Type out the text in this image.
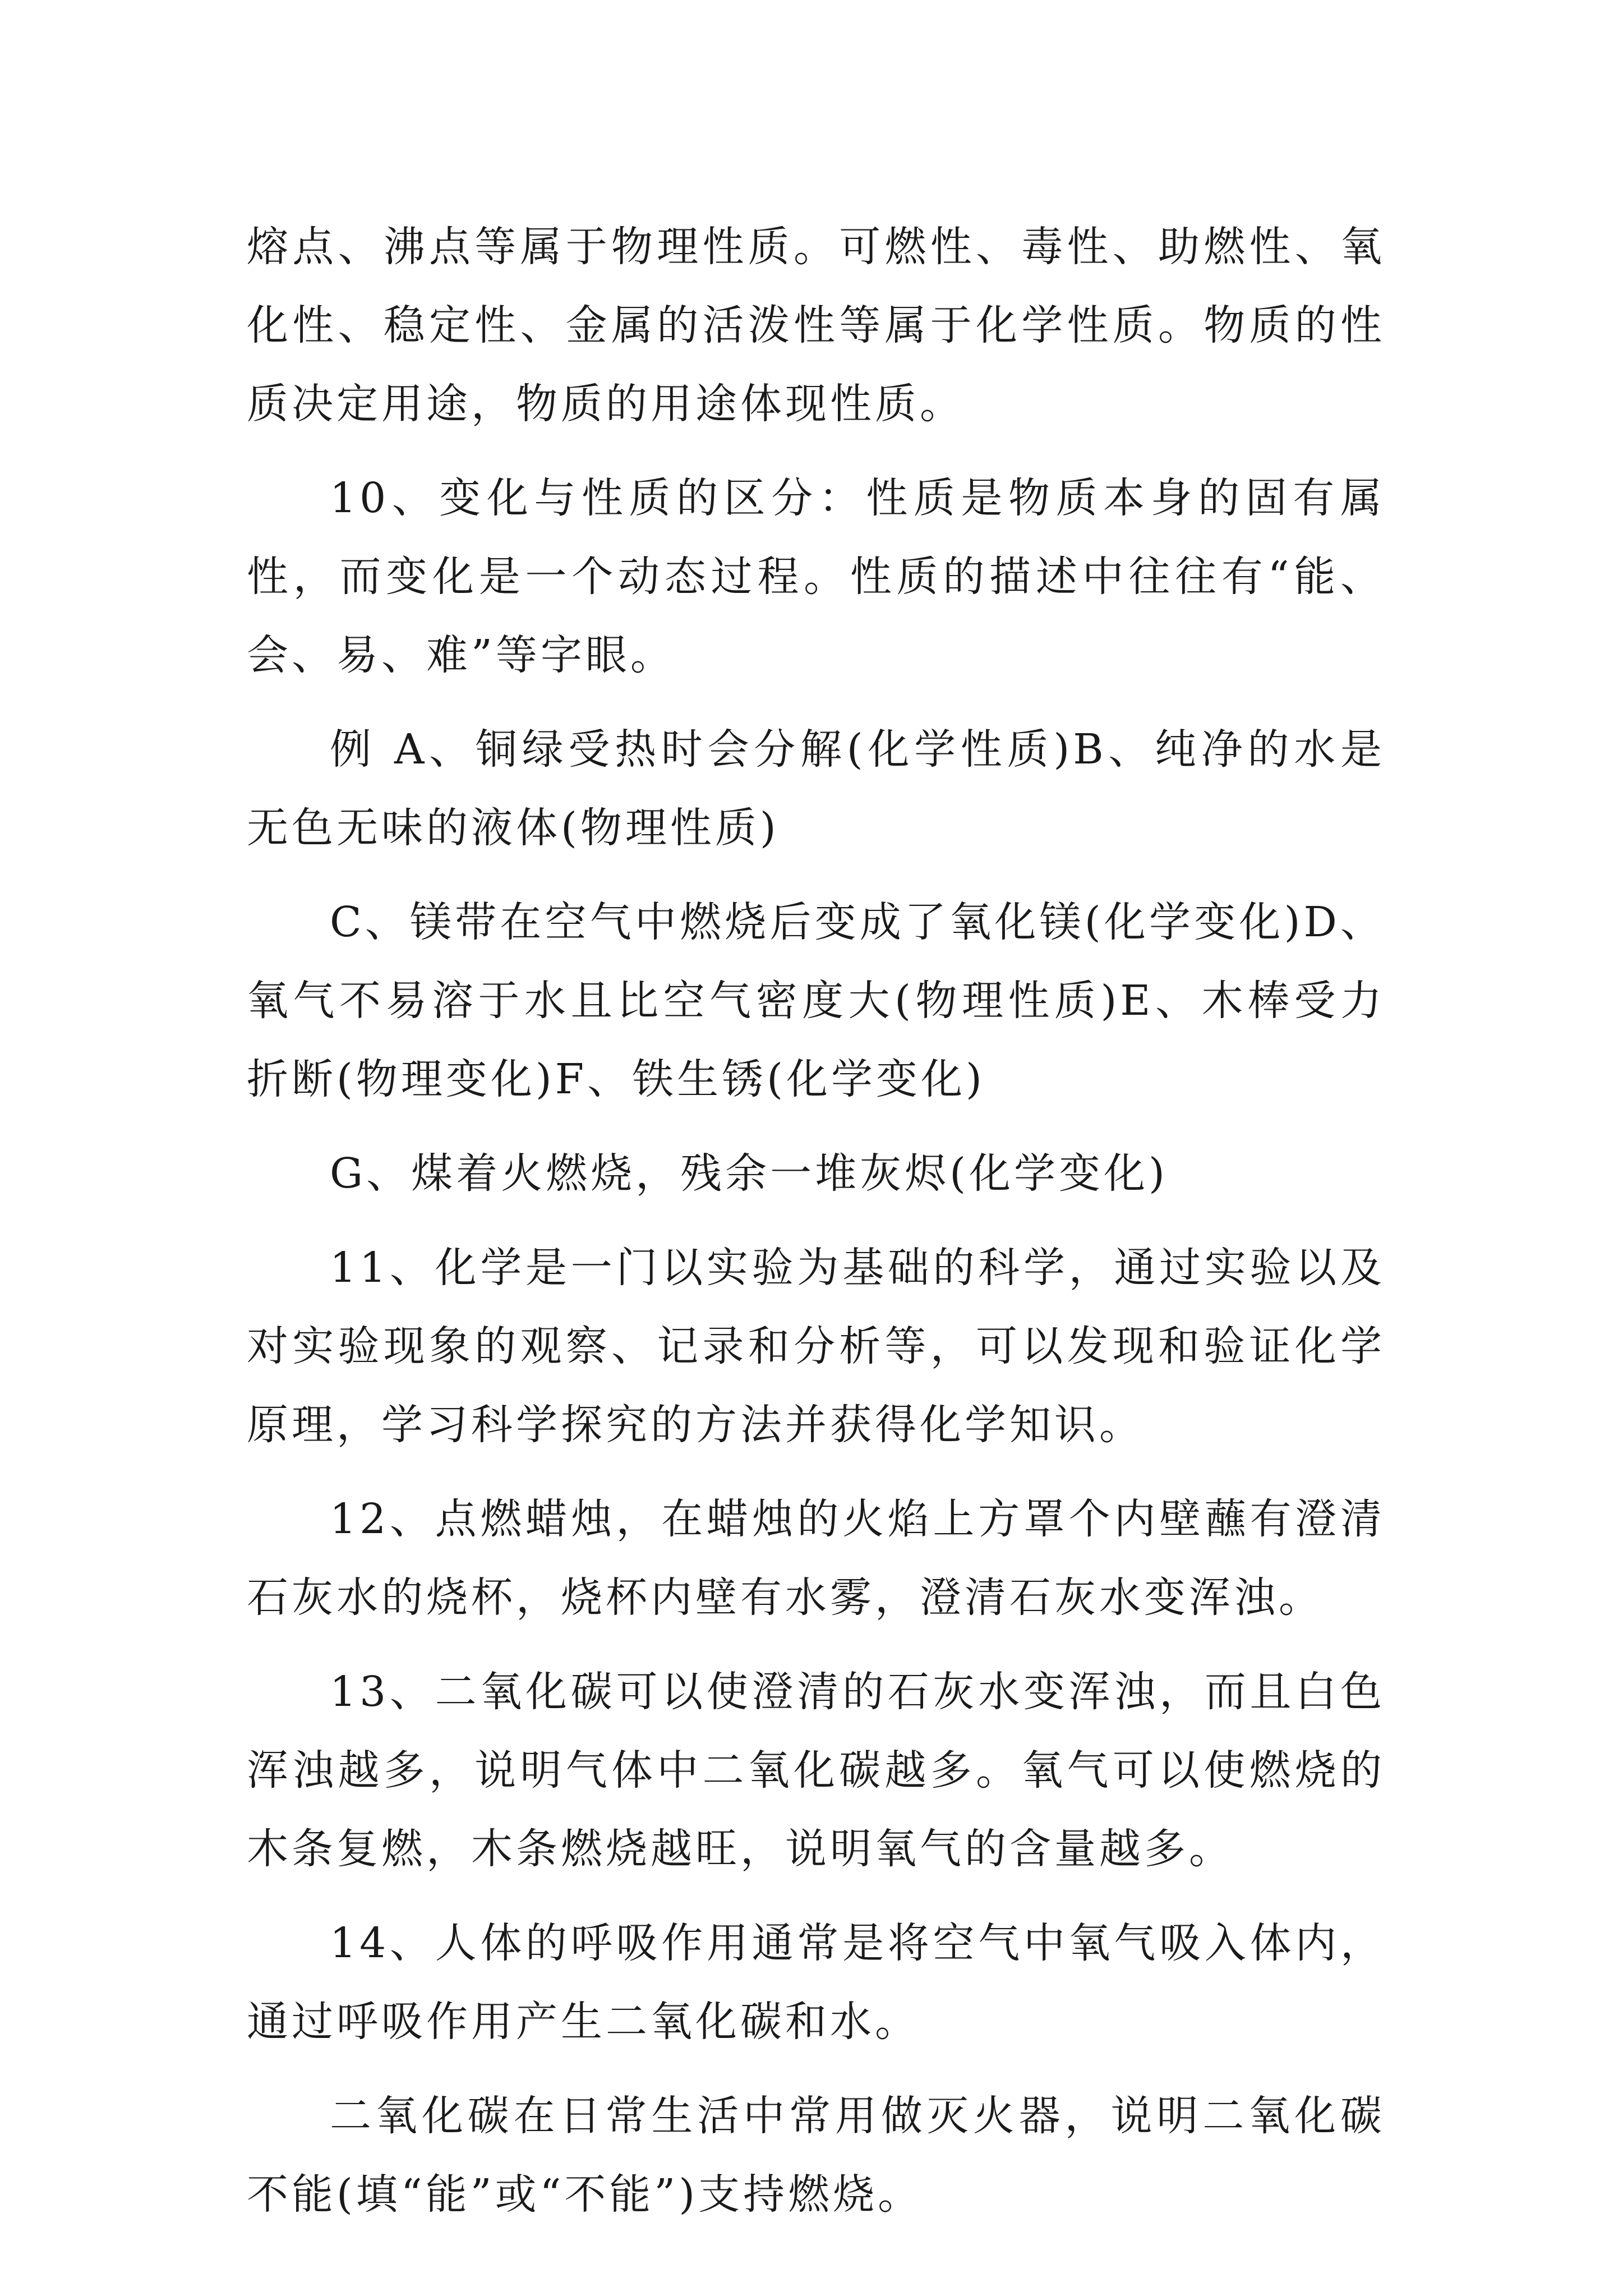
熔点、沸点等属于物理性质。可燃性、毒性、助燃性、氧化性、稳定性、金属的活泼性等属于化学性质。物质的性质决定用途，物质的用途体现性质。

10、变化与性质的区分：性质是物质本身的固有属性，而变化是一个动态过程。性质的描述中往往有“能、会、易、难”等字眼。

例 A、铜绿受热时会分解(化学性质)B、纯净的水是无色无味的液体(物理性质)

C、镁带在空气中燃烧后变成了氧化镁(化学变化)D、氧气不易溶于水且比空气密度大(物理性质)E、木棒受力折断(物理变化)F、铁生锈(化学变化)

G、煤着火燃烧，残余一堆灰烬(化学变化)

11、化学是一门以实验为基础的科学，通过实验以及对实验现象的观察、记录和分析等，可以发现和验证化学原理，学习科学探究的方法并获得化学知识。

12、点燃蜡烛，在蜡烛的火焰上方罩个内壁蘸有澄清石灰水的烧杯，烧杯内壁有水雾，澄清石灰水变浑浊。

13、二氧化碳可以使澄清的石灰水变浑浊，而且白色浑浊越多，说明气体中二氧化碳越多。氧气可以使燃烧的木条复燃，木条燃烧越旺，说明氧气的含量越多。

14、人体的呼吸作用通常是将空气中氧气吸入体内，通过呼吸作用产生二氧化碳和水。

二氧化碳在日常生活中常用做灭火器，说明二氧化碳不能(填“能”或“不能”)支持燃烧。
